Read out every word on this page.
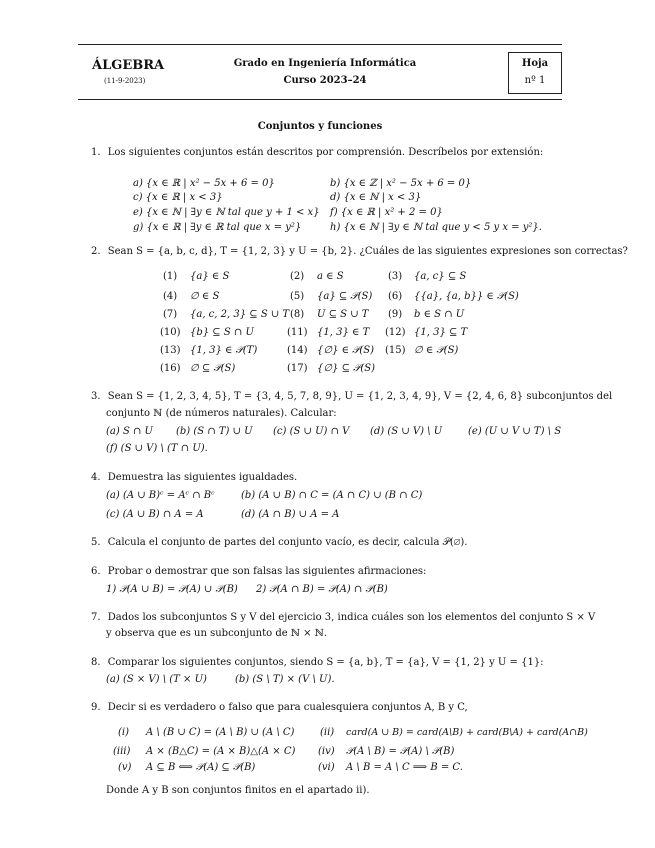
ÁLGEBRA
(11-9-2023)
Grado en Ingeniería Informática
Curso 2023–24
Hoja
nº 1
Conjuntos y funciones
1. Los siguientes conjuntos están descritos por comprensión. Descríbelos por extensión:
a) {x ∈ ℝ | x² − 5x + 6 = 0}	b) {x ∈ ℤ | x² − 5x + 6 = 0}
c) {x ∈ ℝ | x < 3}	d) {x ∈ ℕ | x < 3}
e) {x ∈ ℕ | ∃y ∈ ℕ tal que y + 1 < x} f) {x ∈ ℝ | x² + 2 = 0}
g) {x ∈ ℝ | ∃y ∈ ℝ tal que x = y²}	h) {x ∈ ℕ | ∃y ∈ ℕ tal que y < 5 y x = y²}.
2. Sean S = {a, b, c, d}, T = {1, 2, 3} y U = {b, 2}. ¿Cuáles de las siguientes expresiones son correctas?
(1) {a} ∈ S	(2) a ∈ S	(3) {a, c} ⊆ S
(4) ∅ ∈ S	(5) {a} ⊆ 𝒫(S) (6) {{a}, {a, b}} ∈ 𝒫(S)
(7) {a, c, 2, 3} ⊆ S ∪ T (8) U ⊆ S ∪ T (9) b ∈ S ∩ U
(10) {b} ⊆ S ∩ U	(11) {1, 3} ∈ T (12) {1, 3} ⊆ T
(13) {1, 3} ∈ 𝒫(T)	(14) {∅} ∈ 𝒫(S) (15) ∅ ∈ 𝒫(S)
(16) ∅ ⊆ 𝒫(S)	(17) {∅} ⊆ 𝒫(S)
3. Sean S = {1, 2, 3, 4, 5}, T = {3, 4, 5, 7, 8, 9}, U = {1, 2, 3, 4, 9}, V = {2, 4, 6, 8} subconjuntos del
conjunto ℕ (de números naturales). Calcular:
(a) S ∩ U (b) (S ∩ T) ∪ U (c) (S ∪ U) ∩ V (d) (S ∪ V) \ U	(e) (U ∪ V ∪ T) \ S
(f) (S ∪ V) \ (T ∩ U).
4. Demuestra las siguientes igualdades.
(a) (A ∪ B)ᶜ = Aᶜ ∩ Bᶜ	(b) (A ∪ B) ∩ C = (A ∩ C) ∪ (B ∩ C)
(c) (A ∪ B) ∩ A = A	(d) (A ∩ B) ∪ A = A
5. Calcula el conjunto de partes del conjunto vacío, es decir, calcula 𝒫(∅).
6. Probar o demostrar que son falsas las siguientes afirmaciones:
1) 𝒫(A ∪ B) = 𝒫(A) ∪ 𝒫(B) 2) 𝒫(A ∩ B) = 𝒫(A) ∩ 𝒫(B)
7. Dados los subconjuntos S y V del ejercicio 3, indica cuáles son los elementos del conjunto S × V
y observa que es un subconjunto de ℕ × ℕ.
8. Comparar los siguientes conjuntos, siendo S = {a, b}, T = {a}, V = {1, 2} y U = {1}:
(a) (S × V) \ (T × U)	(b) (S \ T) × (V \ U).
9. Decir si es verdadero o falso que para cualesquiera conjuntos A, B y C,
(i) A \ (B ∪ C) = (A \ B) ∪ (A \ C)	(ii) card(A ∪ B) = card(A\B) + card(B\A) + card(A∩B)
(iii) A × (B△C) = (A × B)△(A × C) (iv) 𝒫(A \ B) = 𝒫(A) \ 𝒫(B)
(v) A ⊆ B ⟺ 𝒫(A) ⊆ 𝒫(B)	(vi) A \ B = A \ C ⟹ B = C.
Donde A y B son conjuntos finitos en el apartado ii).
